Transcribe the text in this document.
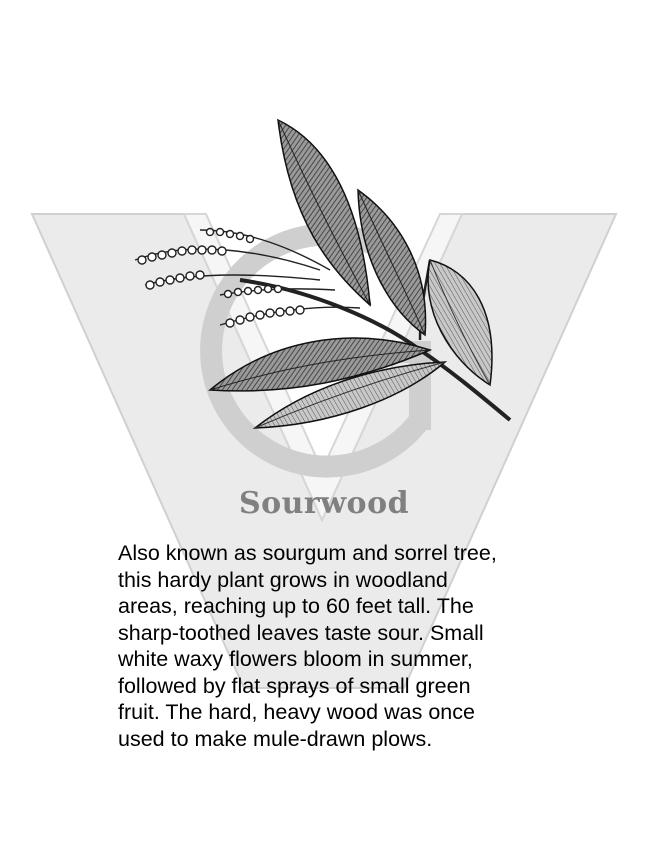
Sourwood

Also known as sourgum and sorrel tree,
this hardy plant grows in woodland
areas, reaching up to 60 feet tall. The
sharp-toothed leaves taste sour. Small
white waxy flowers bloom in summer,
followed by flat sprays of small green
fruit. The hard, heavy wood was once
used to make mule-drawn plows.
